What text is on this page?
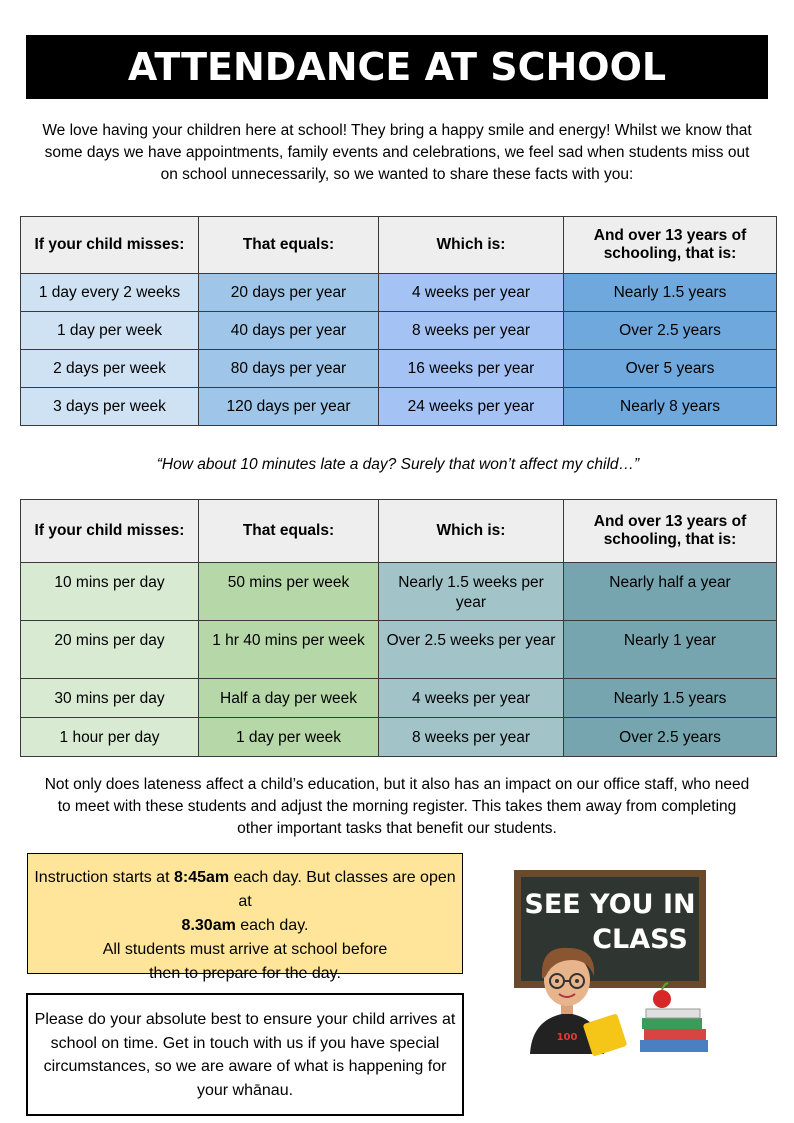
ATTENDANCE AT SCHOOL

We love having your children here at school! They bring a happy smile and energy! Whilst we know that some days we have appointments, family events and celebrations, we feel sad when students miss out on school unnecessarily, so we wanted to share these facts with you:

If your child misses:	That equals:	Which is:	And over 13 years of schooling, that is:
1 day every 2 weeks	20 days per year	4 weeks per year	Nearly 1.5 years
1 day per week	40 days per year	8 weeks per year	Over 2.5 years
2 days per week	80 days per year	16 weeks per year	Over 5 years
3 days per week	120 days per year	24 weeks per year	Nearly 8 years
“How about 10 minutes late a day? Surely that won’t affect my child…”
If your child misses:	That equals:	Which is:	And over 13 years of schooling, that is:
10 mins per day	50 mins per week	Nearly 1.5 weeks per year	Nearly half a year
20 mins per day	1 hr 40 mins per week	Over 2.5 weeks per year	Nearly 1 year
30 mins per day	Half a day per week	4 weeks per year	Nearly 1.5 years
1 hour per day	1 day per week	8 weeks per year	Over 2.5 years

Not only does lateness affect a child’s education, but it also has an impact on our office staff, who need to meet with these students and adjust the morning register. This takes them away from completing other important tasks that benefit our students.

Instruction starts at 8:45am each day. But classes are open at
8.30am each day.
All students must arrive at school before then to prepare for the day.
Please do your absolute best to ensure your child arrives at school on time. Get in touch with us if you have special circumstances, so we are aware of what is happening for your whānau.
SEE YOU IN
CLASS
100
